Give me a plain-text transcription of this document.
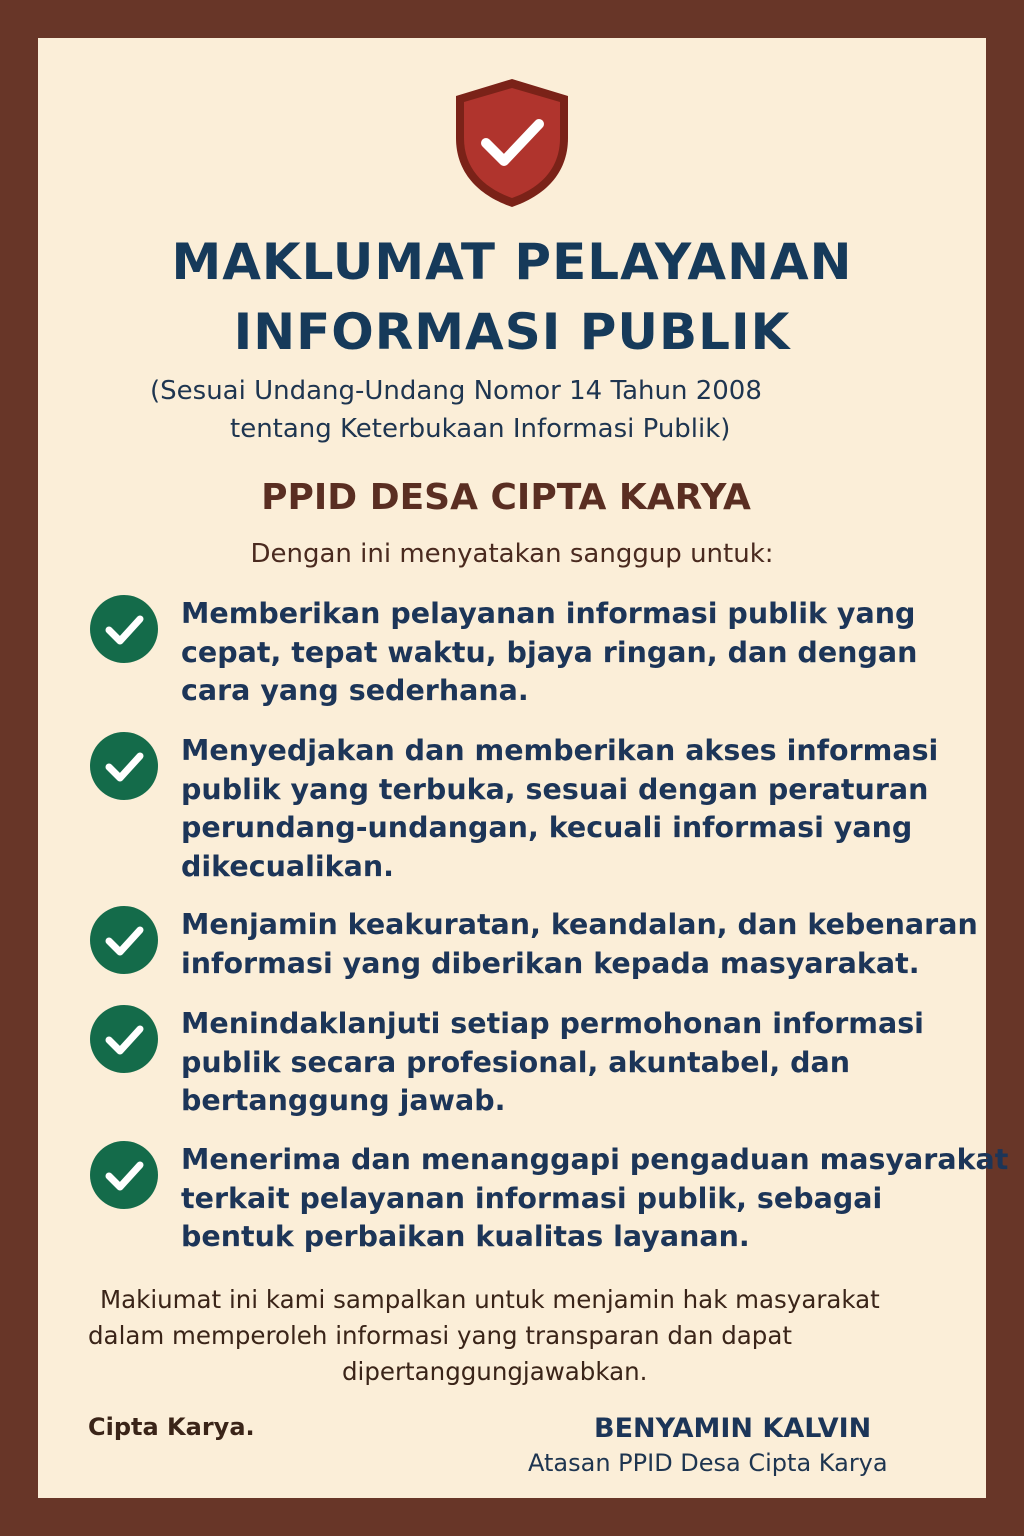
MAKLUMAT PELAYANAN
INFORMASI PUBLIK
(Sesuai Undang-Undang Nomor 14 Tahun 2008
tentang Keterbukaan Informasi Publik)
PPID DESA CIPTA KARYA
Dengan ini menyatakan sanggup untuk:

Memberikan pelayanan informasi publik yang
cepat, tepat waktu, bjaya ringan, dan dengan
cara yang sederhana.

Menyedjakan dan memberikan akses informasi
publik yang terbuka, sesuai dengan peraturan
perundang-undangan, kecuali informasi yang
dikecualikan.

Menjamin keakuratan, keandalan, dan kebenaran
informasi yang diberikan kepada masyarakat.

Menindaklanjuti setiap permohonan informasi
publik secara profesional, akuntabel, dan
bertanggung jawab.

Menerima dan menanggapi pengaduan masyarakat
terkait pelayanan informasi publik, sebagai
bentuk perbaikan kualitas layanan.

Makiumat ini kami sampalkan untuk menjamin hak masyarakat
dalam memperoleh informasi yang transparan dan dapat
dipertanggungjawabkan.
Cipta Karya.	BENYAMIN KALVIN
Atasan PPID Desa Cipta Karya
